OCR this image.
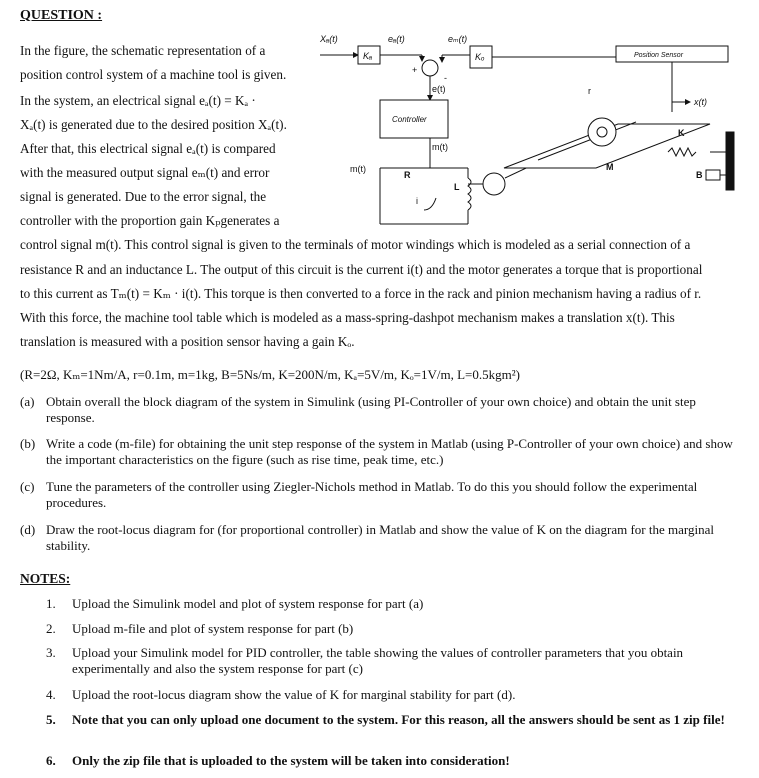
QUESTION :
In the figure, the schematic representation of a
position control system of a machine tool is given.
In the system, an electrical signal eₐ(t) = Kₐ ·
Xₐ(t) is generated due to the desired position Xₐ(t).
After that, this electrical signal eₐ(t) is compared
with the measured output signal eₘ(t) and error
signal is generated. Due to the error signal, the
controller with the proportion gain Kₚgenerates a
control signal m(t). This control signal is given to the terminals of motor windings which is modeled as a serial connection of a
resistance R and an inductance L. The output of this circuit is the current i(t) and the motor generates a torque that is proportional
to this current as Tₘ(t) = Kₘ · i(t). This torque is then converted to a force in the rack and pinion mechanism having a radius of r.
With this force, the machine tool table which is modeled as a mass-spring-dashpot mechanism makes a translation x(t). This
translation is measured with a position sensor having a gain Kₒ.
(R=2Ω, Kₘ=1Nm/A, r=0.1m, m=1kg, B=5Ns/m, K=200N/m, Kₐ=5V/m, Kₒ=1V/m, L=0.5kgm²)
(a) Obtain overall the block diagram of the system in Simulink (using PI-Controller of your own choice) and obtain the unit step response.
(b) Write a code (m-file) for obtaining the unit step response of the system in Matlab (using P-Controller of your own choice) and show the important characteristics on the figure (such as rise time, peak time, etc.)
(c) Tune the parameters of the controller using Ziegler-Nichols method in Matlab. To do this you should follow the experimental procedures.
(d) Draw the root-locus diagram for (for proportional controller) in Matlab and show the value of K on the diagram for the marginal stability.
NOTES:
1. Upload the Simulink model and plot of system response for part (a)
2. Upload m-file and plot of system response for part (b)
3. Upload your Simulink model for PID controller, the table showing the values of controller parameters that you obtain experimentally and also the system response for part (c)
4. Upload the root-locus diagram show the value of K for marginal stability for part (d).
5. Note that you can only upload one document to the system. For this reason, all the answers should be sent as 1 zip file!
6. Only the zip file that is uploaded to the system will be taken into consideration!
Xₐ(t)
Kₐ
eₐ(t)	eₘ(t)
Kₒ	Position Sensor
+
-
e(t)
Controller
m(t)
m(t)
R
L
i
r
x(t)
K
M
B
